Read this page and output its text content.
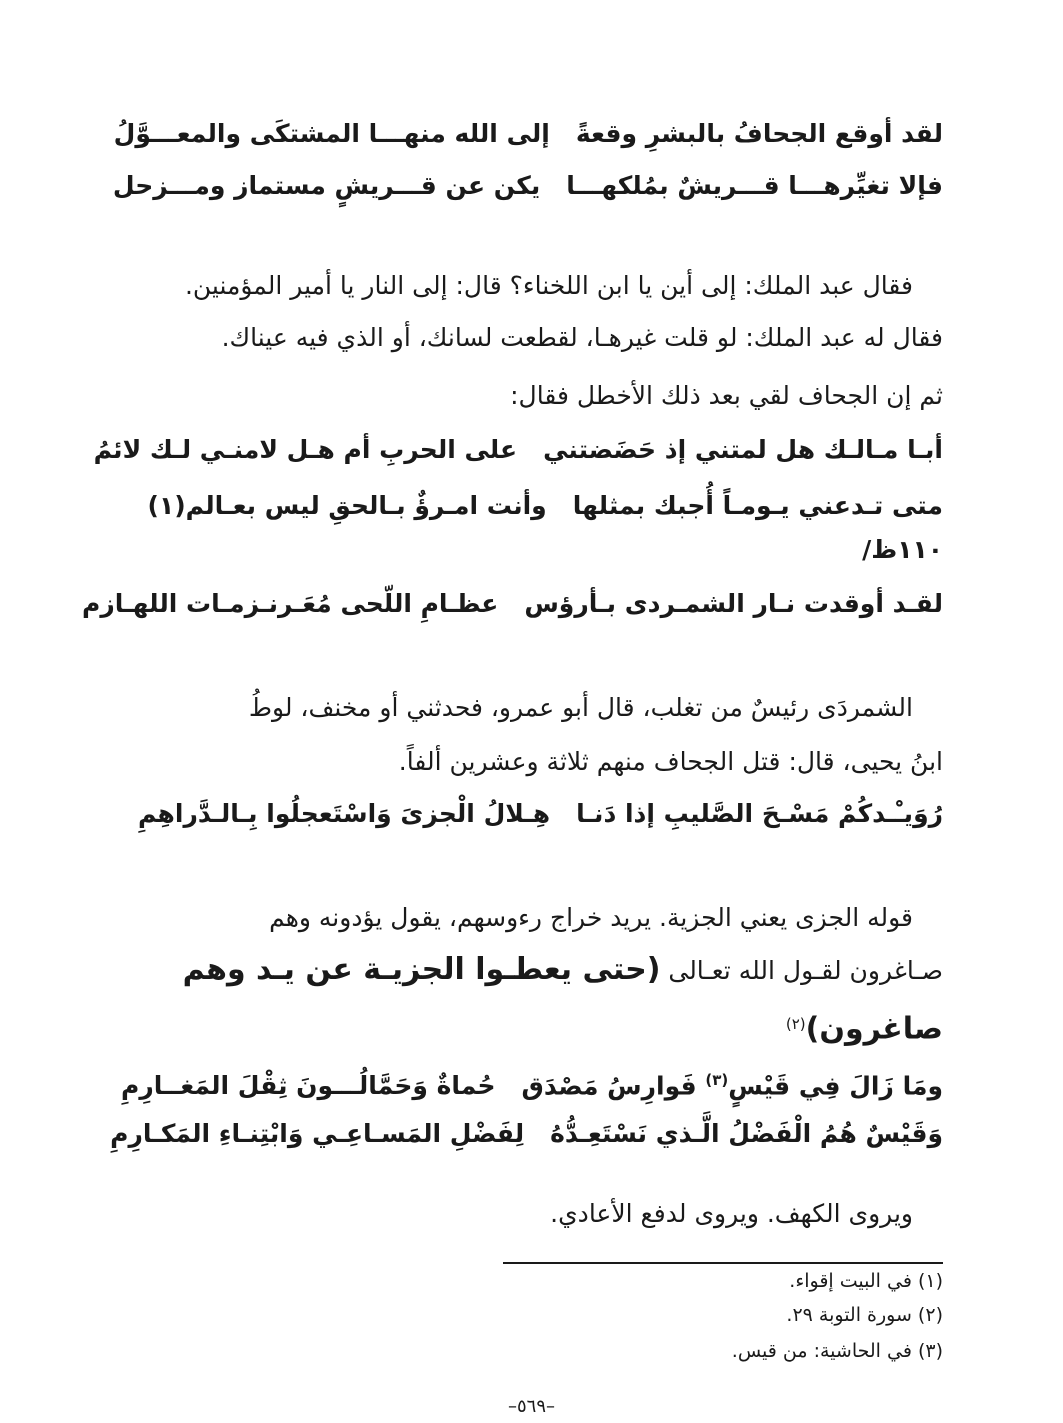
لقد أوقع الجحافُ بالبشرِ وقعةًإلى الله منهـــا المشتكَى والمعـــوَّلُ
فإلا تغيِّرهـــا قـــريشٌ بمُلكهـــايكن عن قـــريشٍ مستماز ومـــزحل
فقال عبد الملك: إلى أين يا ابن اللخناء؟ قال: إلى النار يا أمير المؤمنين.
فقال له عبد الملك: لو قلت غيرهـا، لقطعت لسانك، أو الذي فيه عيناك.
ثم إن الجحاف لقي بعد ذلك الأخطل فقال:
أبـا مـالـك هل لمتني إذ حَضَضتنيعلى الحربِ أم هـل لامنـي لـك لائمُ
متى تـدعني يـومـاً أُجبك بمثلهاوأنت امـرؤٌ بـالحقِ ليس بعـالم(١)
١١٠ظ/
لقـد أوقدت نـار الشمـردى بـأرؤسعظـامِ اللّحى مُعَـرنـزمـات اللهـازم
الشمردَى رئيسٌ من تغلب، قال أبو عمرو، فحدثني أو مخنف، لوطُ
ابنُ يحيى، قال: قتل الجحاف منهم ثلاثة وعشرين ألفاً.
رُوَيـْـدكُمْ مَسْـحَ الصَّليبِ إذا دَنـاهِـلالُ الْجزىَ وَاسْتَعجلُوا بِـالـدَّراهِمِ
قوله الجزى يعني الجزية. يريد خراج رءوسهم، يقول يؤدونه وهم
صـاغرون لقـول الله تعـالى (حتى يعطـوا الجزيـة عن يـد وهم
صاغرون)$^{(٢)}$
ومَا زَالَ فِي قَيْسٍ$^{(٣)}$ فَوارِسُ مَصْدَقحُماةٌ وَحَمَّالُـــونَ ثِقْلَ المَغــارِمِ
وَقَيْسٌ هُمُ الْفَضْلُ الَّـذي نَسْتَعِـدُّهُلِفَضْلِ المَسـاعِـي وَابْتِنـاءِ المَكـارِمِ
ويروى الكهف. ويروى لدفع الأعادي.
(١) في البيت إقواء.
(٢) سورة التوبة ٢٩.
(٣) في الحاشية: من قيس.
–٥٦٩–
